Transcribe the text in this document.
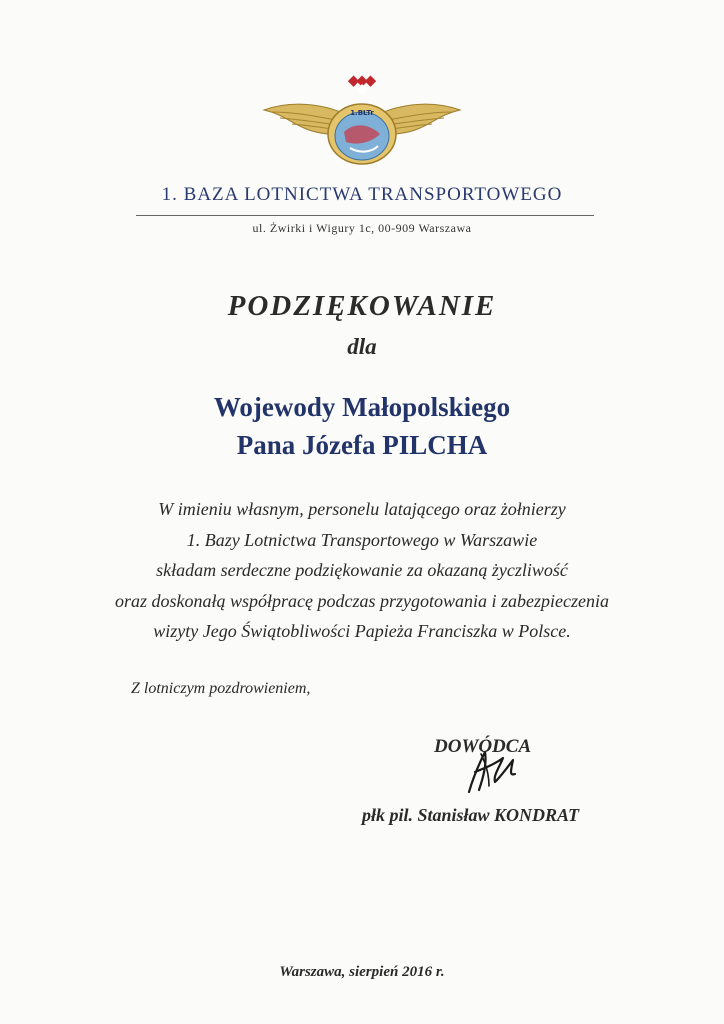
1.BLTr
1. BAZA LOTNICTWA TRANSPORTOWEGO
ul. Żwirki i Wigury 1c, 00-909 Warszawa
PODZIĘKOWANIE
dla
Wojewody Małopolskiego
Pana Józefa PILCHA
W imieniu własnym, personelu latającego oraz żołnierzy
1. Bazy Lotnictwa Transportowego w Warszawie
składam serdeczne podziękowanie za okazaną życzliwość
oraz doskonałą współpracę podczas przygotowania i zabezpieczenia
wizyty Jego Świątobliwości Papieża Franciszka w Polsce.
Z lotniczym pozdrowieniem,
DOWÓDCA
płk pil. Stanisław KONDRAT
Warszawa, sierpień 2016 r.
